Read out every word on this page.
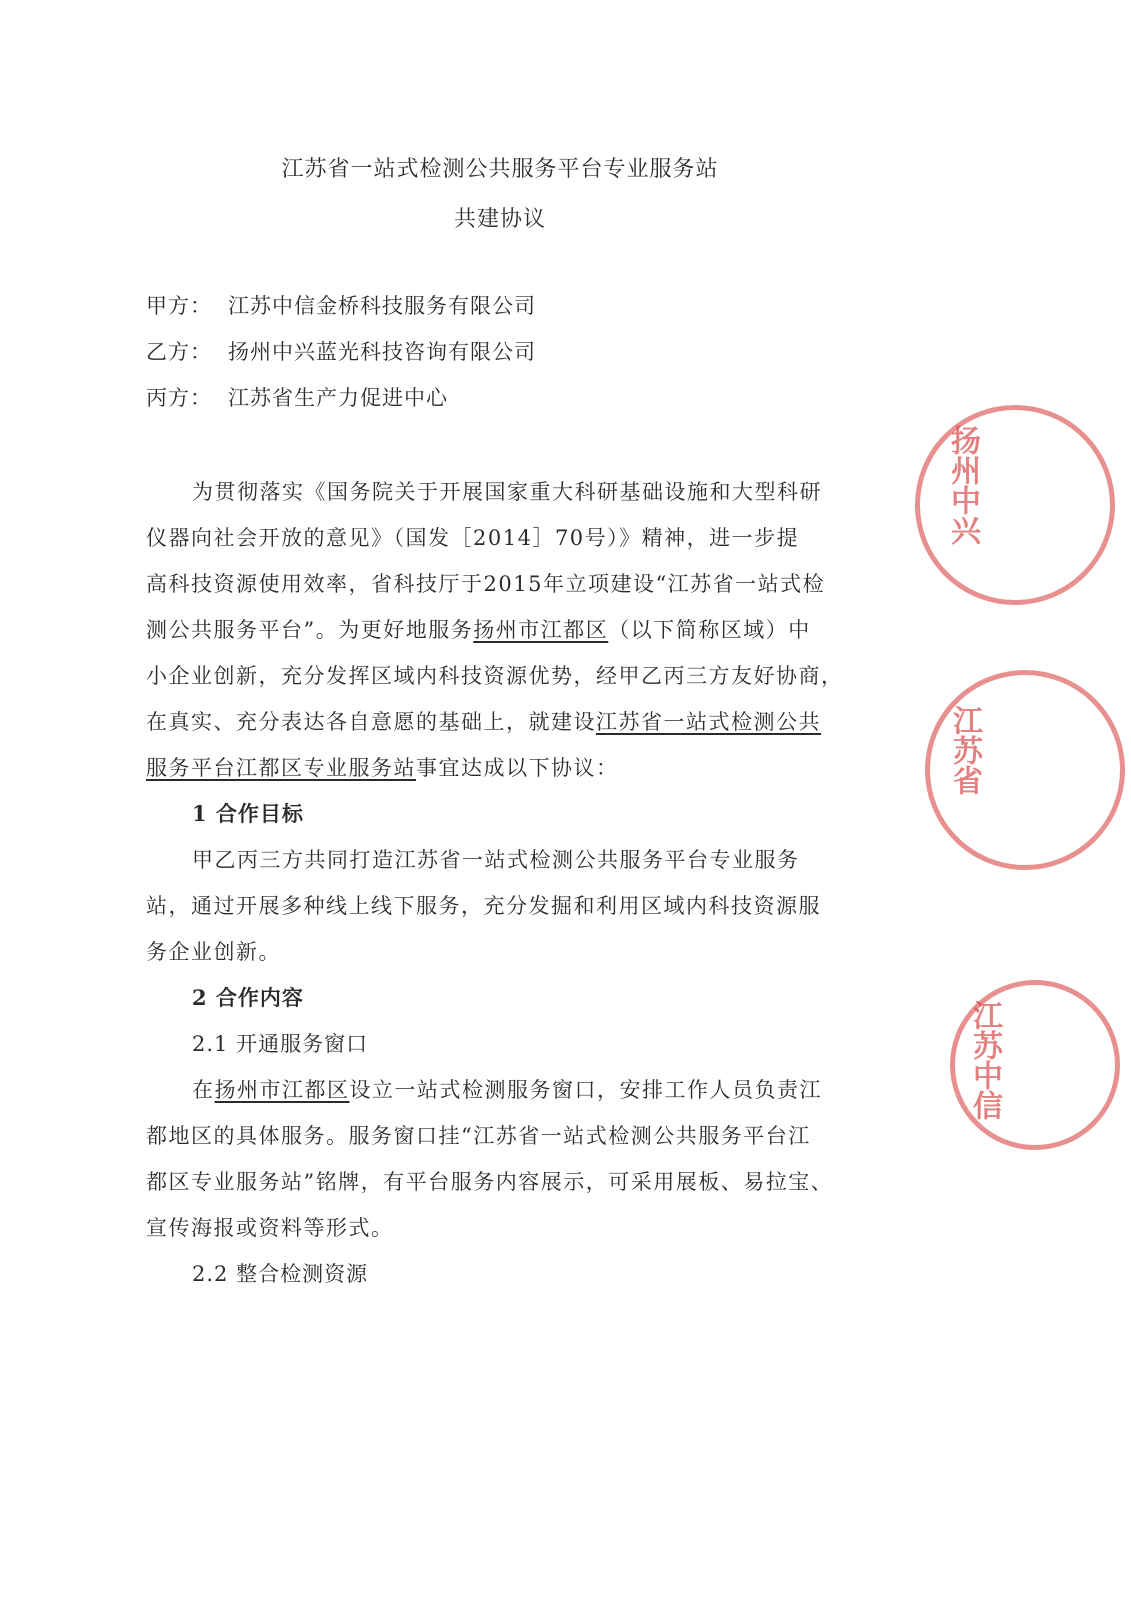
江苏省一站式检测公共服务平台专业服务站
共建协议
甲方： 江苏中信金桥科技服务有限公司
乙方： 扬州中兴蓝光科技咨询有限公司
丙方： 江苏省生产力促进中心
为贯彻落实《国务院关于开展国家重大科研基础设施和大型科研
仪器向社会开放的意见》（国发［2014］70号）》精神，进一步提
高科技资源使用效率，省科技厅于2015年立项建设“江苏省一站式检
测公共服务平台”。为更好地服务扬州市江都区（以下简称区域）中
小企业创新，充分发挥区域内科技资源优势，经甲乙丙三方友好协商，
在真实、充分表达各自意愿的基础上，就建设江苏省一站式检测公共
服务平台江都区专业服务站事宜达成以下协议：
1 合作目标
甲乙丙三方共同打造江苏省一站式检测公共服务平台专业服务
站，通过开展多种线上线下服务，充分发掘和利用区域内科技资源服
务企业创新。
2 合作内容
2.1 开通服务窗口
在扬州市江都区设立一站式检测服务窗口，安排工作人员负责江
都地区的具体服务。服务窗口挂“江苏省一站式检测公共服务平台江
都区专业服务站”铭牌，有平台服务内容展示，可采用展板、易拉宝、
宣传海报或资料等形式。
2.2 整合检测资源
扬州中兴
江苏省
江苏中信
